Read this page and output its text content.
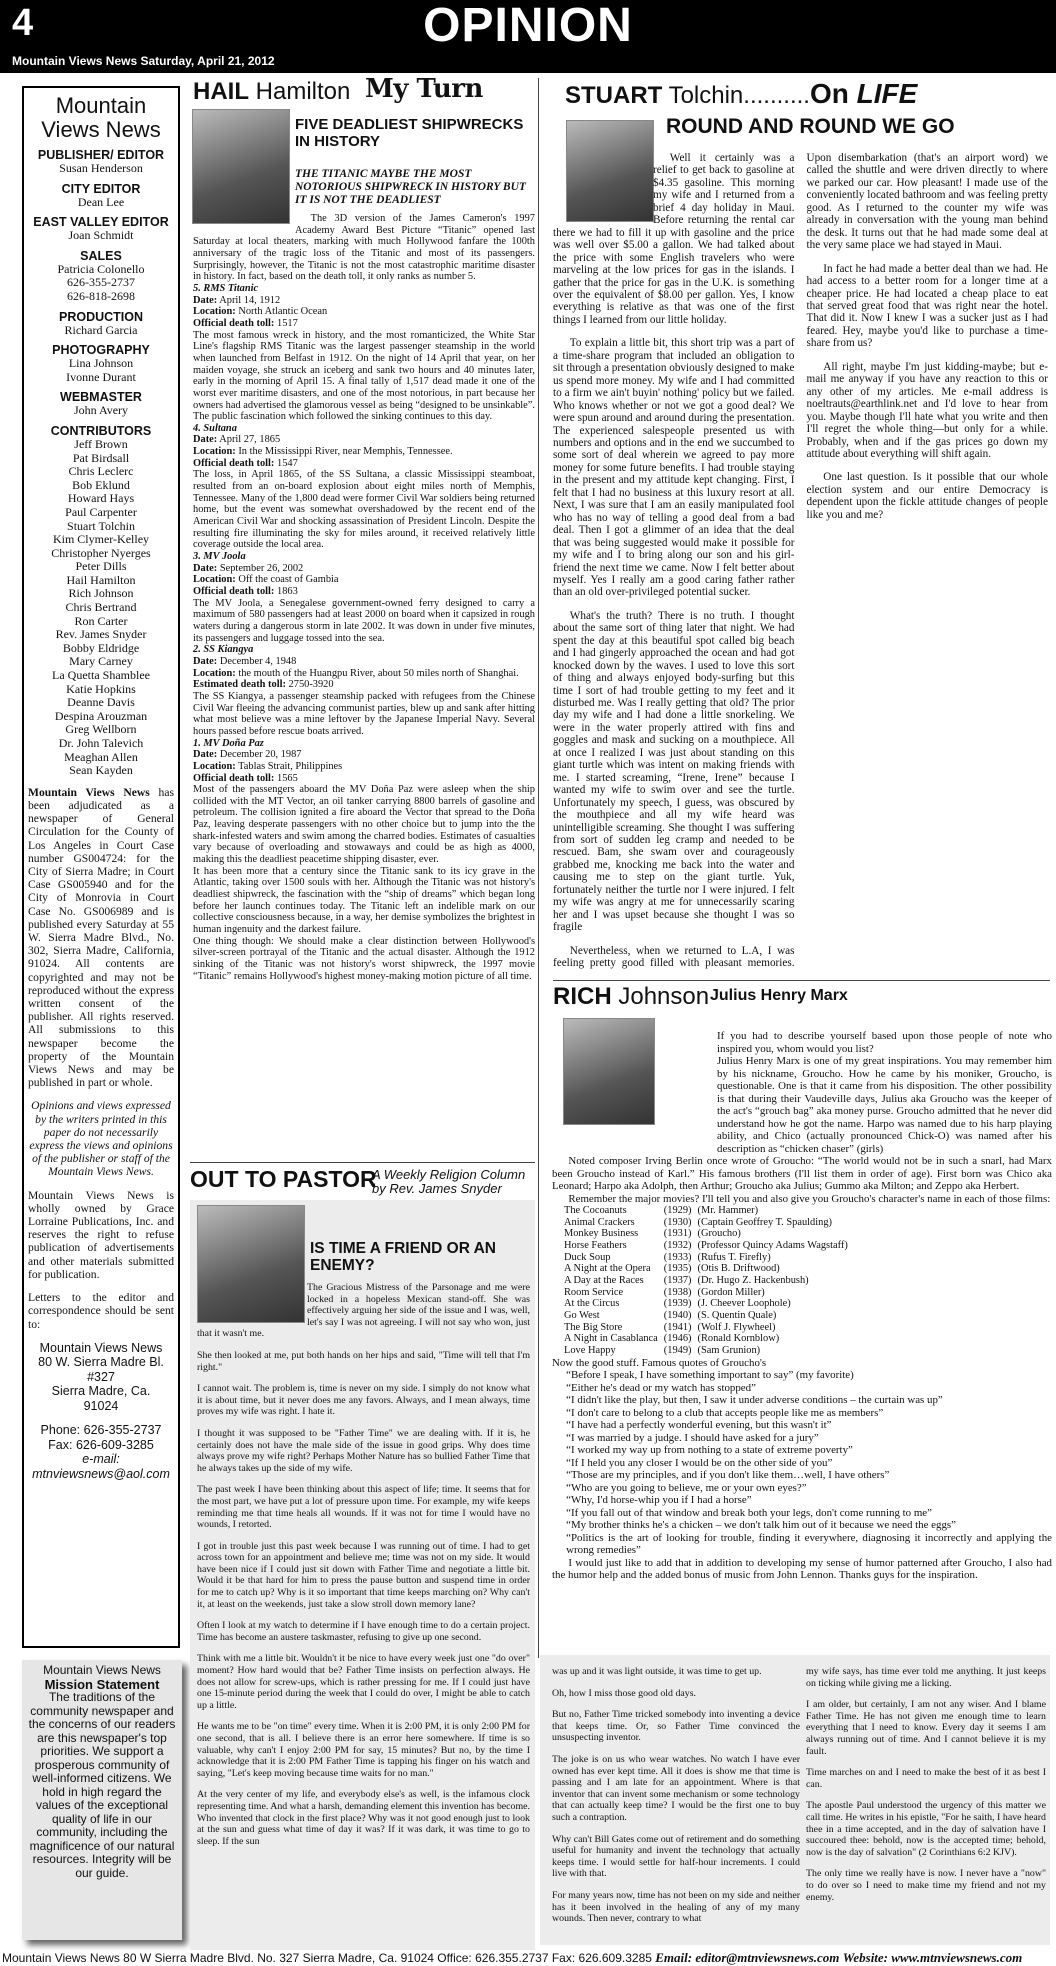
4	OPINION
Mountain Views News Saturday, April 21, 2012
Mountain Views News
PUBLISHER/ EDITOR
Susan Henderson
CITY EDITOR
Dean Lee
EAST VALLEY EDITOR
Joan Schmidt
SALES
Patricia Colonello
626-355-2737
626-818-2698
PRODUCTION
Richard Garcia
PHOTOGRAPHY
Lina Johnson
Ivonne Durant
WEBMASTER
John Avery
CONTRIBUTORS
Jeff Brown
Pat Birdsall
Chris Leclerc
Bob Eklund
Howard Hays
Paul Carpenter
Stuart Tolchin
Kim Clymer-Kelley
Christopher Nyerges
Peter Dills
Hail Hamilton
Rich Johnson
Chris Bertrand
Ron Carter
Rev. James Snyder
Bobby Eldridge
Mary Carney
La Quetta Shamblee
Katie Hopkins
Deanne Davis
Despina Arouzman
Greg Wellborn
Dr. John Talevich
Meaghan Allen
Sean Kayden
Mountain Views News has been adjudicated as a newspaper of General Circulation for the County of Los Angeles in Court Case number GS004724: for the City of Sierra Madre; in Court Case GS005940 and for the City of Monrovia in Court Case No. GS006989 and is published every Saturday at 55 W. Sierra Madre Blvd., No. 302, Sierra Madre, California, 91024. All contents are copyrighted and may not be reproduced without the express written consent of the publisher. All rights reserved. All submissions to this newspaper become the property of the Mountain Views News and may be published in part or whole.
Opinions and views expressed by the writers printed in this paper do not necessarily express the views and opinions of the publisher or staff of the Mountain Views News.
Mountain Views News is wholly owned by Grace Lorraine Publications, Inc. and reserves the right to refuse publication of advertisements and other materials submitted for publication.
Letters to the editor and correspondence should be sent to:
Mountain Views News
80 W. Sierra Madre Bl.
#327
Sierra Madre, Ca.
91024
Phone: 626-355-2737
Fax: 626-609-3285
e-mail:
mtnviewsnews@aol.com
Mountain Views News
Mission Statement
The traditions of the community newspaper and the concerns of our readers are this newspaper's top priorities. We support a prosperous community of well-informed citizens. We hold in high regard the values of the exceptional quality of life in our community, including the magnificence of our natural resources. Integrity will be our guide.
HAIL Hamilton My Turn
FIVE DEADLIEST SHIPWRECKS IN HISTORY
THE TITANIC MAYBE THE MOST NOTORIOUS SHIPWRECK IN HISTORY BUT IT IS NOT THE DEADLIEST

The 3D version of the James Cameron's 1997 Academy Award Best Picture “Titanic” opened last Saturday at local theaters, marking with much Hollywood fanfare the 100th anniversary of the tragic loss of the Titanic and most of its passengers. Surprisingly, however, the Titanic is not the most catastrophic maritime disaster in history. In fact, based on the death toll, it only ranks as number 5.

5. RMS Titanic

Date: April 14, 1912

Location: North Atlantic Ocean

Official death toll: 1517

The most famous wreck in history, and the most romanticized, the White Star Line's flagship RMS Titanic was the largest passenger steamship in the world when launched from Belfast in 1912. On the night of 14 April that year, on her maiden voyage, she struck an iceberg and sank two hours and 40 minutes later, early in the morning of April 15. A final tally of 1,517 dead made it one of the worst ever maritime disasters, and one of the most notorious, in part because her owners had advertised the glamorous vessel as being “designed to be unsinkable”. The public fascination which followed the sinking continues to this day.

4. Sultana

Date: April 27, 1865

Location: In the Mississippi River, near Memphis, Tennessee.

Official death toll: 1547

The loss, in April 1865, of the SS Sultana, a classic Mississippi steamboat, resulted from an on-board explosion about eight miles north of Memphis, Tennessee. Many of the 1,800 dead were former Civil War soldiers being returned home, but the event was somewhat overshadowed by the recent end of the American Civil War and shocking assassination of President Lincoln. Despite the resulting fire illuminating the sky for miles around, it received relatively little coverage outside the local area.

3. MV Joola

Date: September 26, 2002

Location: Off the coast of Gambia

Official death toll: 1863

The MV Joola, a Senegalese government-owned ferry designed to carry a maximum of 580 passengers had at least 2000 on board when it capsized in rough waters during a dangerous storm in late 2002. It was down in under five minutes, its passengers and luggage tossed into the sea.

2. SS Kiangya

Date: December 4, 1948

Location: the mouth of the Huangpu River, about 50 miles north of Shanghai.

Estimated death toll: 2750-3920

The SS Kiangya, a passenger steamship packed with refugees from the Chinese Civil War fleeing the advancing communist parties, blew up and sank after hitting what most believe was a mine leftover by the Japanese Imperial Navy. Several hours passed before rescue boats arrived.

1. MV Doña Paz

Date: December 20, 1987

Location: Tablas Strait, Philippines

Official death toll: 1565

Most of the passengers aboard the MV Doña Paz were asleep when the ship collided with the MT Vector, an oil tanker carrying 8800 barrels of gasoline and petroleum. The collision ignited a fire aboard the Vector that spread to the Doña Paz, leaving desperate passengers with no other choice but to jump into the the shark-infested waters and swim among the charred bodies. Estimates of casualties vary because of overloading and stowaways and could be as high as 4000, making this the deadliest peacetime shipping disaster, ever.

It has been more that a century since the Titanic sank to its icy grave in the Atlantic, taking over 1500 souls with her. Although the Titanic was not history's deadliest shipwreck, the fascination with the “ship of dreams” which began long before her launch continues today. The Titanic left an indelible mark on our collective consciousness because, in a way, her demise symbolizes the brightest in human ingenuity and the darkest failure.

One thing though: We should make a clear distinction between Hollywood's silver-screen portrayal of the Titanic and the actual disaster. Although the 1912 sinking of the Titanic was not history's worst shipwreck, the 1997 movie “Titanic” remains Hollywood's highest money-making motion picture of all time.

STUART Tolchin..........On LIFE
ROUND AND ROUND WE GO

Well it certainly was a relief to get back to gasoline at $4.35 gasoline. This morning my wife and I returned from a brief 4 day holiday in Maui. Before returning the rental car there we had to fill it up with gasoline and the price was well over $5.00 a gallon. We had talked about the price with some English travelers who were marveling at the low prices for gas in the islands. I gather that the price for gas in the U.K. is something over the equivalent of $8.00 per gallon. Yes, I know everything is relative as that was one of the first things I learned from our little holiday.

To explain a little bit, this short trip was a part of a time-share program that included an obligation to sit through a presentation obviously designed to make us spend more money. My wife and I had committed to a firm we ain't buyin' nothing' policy but we failed. Who knows whether or not we got a good deal? We were spun around and around during the presentation. The experienced salespeople presented us with numbers and options and in the end we succumbed to some sort of deal wherein we agreed to pay more money for some future benefits. I had trouble staying in the present and my attitude kept changing. First, I felt that I had no business at this luxury resort at all. Next, I was sure that I am an easily manipulated fool who has no way of telling a good deal from a bad deal. Then I got a glimmer of an idea that the deal that was being suggested would make it possible for my wife and I to bring along our son and his girl-friend the next time we came. Now I felt better about myself. Yes I really am a good caring father rather than an old over-privileged potential sucker.

What's the truth? There is no truth. I thought about the same sort of thing later that night. We had spent the day at this beautiful spot called big beach and I had gingerly approached the ocean and had got knocked down by the waves. I used to love this sort of thing and always enjoyed body-surfing but this time I sort of had trouble getting to my feet and it disturbed me. Was I really getting that old? The prior day my wife and I had done a little snorkeling. We were in the water properly attired with fins and goggles and mask and sucking on a mouthpiece. All at once I realized I was just about standing on this giant turtle which was intent on making friends with me. I started screaming, “Irene, Irene” because I wanted my wife to swim over and see the turtle. Unfortunately my speech, I guess, was obscured by the mouthpiece and all my wife heard was unintelligible screaming. She thought I was suffering from sort of sudden leg cramp and needed to be rescued. Bam, she swam over and courageously grabbed me, knocking me back into the water and causing me to step on the giant turtle. Yuk, fortunately neither the turtle nor I were injured. I felt my wife was angry at me for unnecessarily scaring her and I was upset because she thought I was so fragile

Nevertheless, when we returned to L.A, I was feeling pretty good filled with pleasant memories. Upon disembarkation (that's an airport word) we called the shuttle and were driven directly to where we parked our car. How pleasant! I made use of the conveniently located bathroom and was feeling pretty good. As I returned to the counter my wife was already in conversation with the young man behind the desk. It turns out that he had made some deal at the very same place we had stayed in Maui.

In fact he had made a better deal than we had. He had access to a better room for a longer time at a cheaper price. He had located a cheap place to eat that served great food that was right near the hotel. That did it. Now I knew I was a sucker just as I had feared. Hey, maybe you'd like to purchase a time-share from us?

All right, maybe I'm just kidding-maybe; but e-mail me anyway if you have any reaction to this or any other of my articles. Me e-mail address is noeltrauts@earthlink.net and I'd love to hear from you. Maybe though I'll hate what you write and then I'll regret the whole thing—but only for a while. Probably, when and if the gas prices go down my attitude about everything will shift again.

One last question. Is it possible that our whole election system and our entire Democracy is dependent upon the fickle attitude changes of people like you and me?

RICH Johnson Julius Henry Marx

If you had to describe yourself based upon those people of note who inspired you, whom would you list?

Julius Henry Marx is one of my great inspirations. You may remember him by his nickname, Groucho. How he came by his moniker, Groucho, is questionable. One is that it came from his disposition. The other possibility is that during their Vaudeville days, Julius aka Groucho was the keeper of the act's “grouch bag” aka money purse. Groucho admitted that he never did understand how he got the name. Harpo was named due to his harp playing ability, and Chico (actually pronounced Chick-O) was named after his description as “chicken chaser” (girls)

Noted composer Irving Berlin once wrote of Groucho: “The world would not be in such a snarl, had Marx been Groucho instead of Karl.” His famous brothers (I'll list them in order of age). First born was Chico aka Leonard; Harpo aka Adolph, then Arthur; Groucho aka Julius; Gummo aka Milton; and Zeppo aka Herbert.

Remember the major movies? I'll tell you and also give you Groucho's character's name in each of those films:

The Cocoanuts	(1929)	(Mr. Hammer)
Animal Crackers	(1930)	(Captain Geoffrey T. Spaulding)
Monkey Business	(1931)	(Groucho)
Horse Feathers	(1932)	(Professor Quincy Adams Wagstaff)
Duck Soup	(1933)	(Rufus T. Firefly)
A Night at the Opera	(1935)	(Otis B. Driftwood)
A Day at the Races	(1937)	(Dr. Hugo Z. Hackenbush)
Room Service	(1938)	(Gordon Miller)
At the Circus	(1939)	(J. Cheever Loophole)
Go West	(1940)	(S. Quentin Quale)
The Big Store	(1941)	(Wolf J. Flywheel)
A Night in Casablanca	(1946)	(Ronald Kornblow)
Love Happy	(1949)	(Sam Grunion)

Now the good stuff. Famous quotes of Groucho's

“Before I speak, I have something important to say” (my favorite)

“Either he's dead or my watch has stopped”

“I didn't like the play, but then, I saw it under adverse conditions – the curtain was up”

“I don't care to belong to a club that accepts people like me as members”

“I have had a perfectly wonderful evening, but this wasn't it”

“I was married by a judge. I should have asked for a jury”

“I worked my way up from nothing to a state of extreme poverty”

“If I held you any closer I would be on the other side of you”

“Those are my principles, and if you don't like them…well, I have others”

“Who are you going to believe, me or your own eyes?”

“Why, I'd horse-whip you if I had a horse”

“If you fall out of that window and break both your legs, don't come running to me”

“My brother thinks he's a chicken – we don't talk him out of it because we need the eggs”

“Politics is the art of looking for trouble, finding it everywhere, diagnosing it incorrectly and applying the wrong remedies”

I would just like to add that in addition to developing my sense of humor patterned after Groucho, I also had the humor help and the added bonus of music from John Lennon. Thanks guys for the inspiration.

OUT TO PASTOR
A Weekly Religion Column
by Rev. James Snyder
IS TIME A FRIEND OR AN ENEMY?

The Gracious Mistress of the Parsonage and me were locked in a hopeless Mexican stand-off. She was effectively arguing her side of the issue and I was, well, let's say I was not agreeing. I will not say who won, just that it wasn't me.

She then looked at me, put both hands on her hips and said, "Time will tell that I'm right."

I cannot wait. The problem is, time is never on my side. I simply do not know what it is about time, but it never does me any favors. Always, and I mean always, time proves my wife was right. I hate it.

I thought it was supposed to be "Father Time" we are dealing with. If it is, he certainly does not have the male side of the issue in good grips. Why does time always prove my wife right? Perhaps Mother Nature has so bullied Father Time that he always takes up the side of my wife.

The past week I have been thinking about this aspect of life; time. It seems that for the most part, we have put a lot of pressure upon time. For example, my wife keeps reminding me that time heals all wounds. If it was not for time I would have no wounds, I retorted.

I got in trouble just this past week because I was running out of time. I had to get across town for an appointment and believe me; time was not on my side. It would have been nice if I could just sit down with Father Time and negotiate a little bit. Would it be that hard for him to press the pause button and suspend time in order for me to catch up? Why is it so important that time keeps marching on? Why can't it, at least on the weekends, just take a slow stroll down memory lane?

Often I look at my watch to determine if I have enough time to do a certain project. Time has become an austere taskmaster, refusing to give up one second.

Think with me a little bit. Wouldn't it be nice to have every week just one "do over" moment? How hard would that be? Father Time insists on perfection always. He does not allow for screw-ups, which is rather pressing for me. If I could just have one 15-minute period during the week that I could do over, I might be able to catch up a little.

He wants me to be "on time" every time. When it is 2:00 PM, it is only 2:00 PM for one second, that is all. I believe there is an error here somewhere. If time is so valuable, why can't I enjoy 2:00 PM for say, 15 minutes? But no, by the time I acknowledge that it is 2:00 PM Father Time is tapping his finger on his watch and saying, "Let's keep moving because time waits for no man."

At the very center of my life, and everybody else's as well, is the infamous clock representing time. And what a harsh, demanding element this invention has become. Who invented that clock in the first place? Why was it not good enough just to look at the sun and guess what time of day it was? If it was dark, it was time to go to sleep. If the sun

was up and it was light outside, it was time to get up.

Oh, how I miss those good old days.

But no, Father Time tricked somebody into inventing a device that keeps time. Or, so Father Time convinced the unsuspecting inventor.

The joke is on us who wear watches. No watch I have ever owned has ever kept time. All it does is show me that time is passing and I am late for an appointment. Where is that inventor that can invent some mechanism or some technology that can actually keep time? I would be the first one to buy such a contraption.

Why can't Bill Gates come out of retirement and do something useful for humanity and invent the technology that actually keeps time. I would settle for half-hour increments. I could live with that.

For many years now, time has not been on my side and neither has it been involved in the healing of any of my many wounds. Then never, contrary to what

my wife says, has time ever told me anything. It just keeps on ticking while giving me a licking.

I am older, but certainly, I am not any wiser. And I blame Father Time. He has not given me enough time to learn everything that I need to know. Every day it seems I am always running out of time. And I cannot believe it is my fault.

Time marches on and I need to make the best of it as best I can.

The apostle Paul understood the urgency of this matter we call time. He writes in his epistle, "For he saith, I have heard thee in a time accepted, and in the day of salvation have I succoured thee: behold, now is the accepted time; behold, now is the day of salvation" (2 Corinthians 6:2 KJV).

The only time we really have is now. I never have a "now" to do over so I need to make time my friend and not my enemy.

Mountain Views News 80 W Sierra Madre Blvd. No. 327 Sierra Madre, Ca. 91024 Office: 626.355.2737 Fax: 626.609.3285 Email: editor@mtnviewsnews.com Website: www.mtnviewsnews.com
